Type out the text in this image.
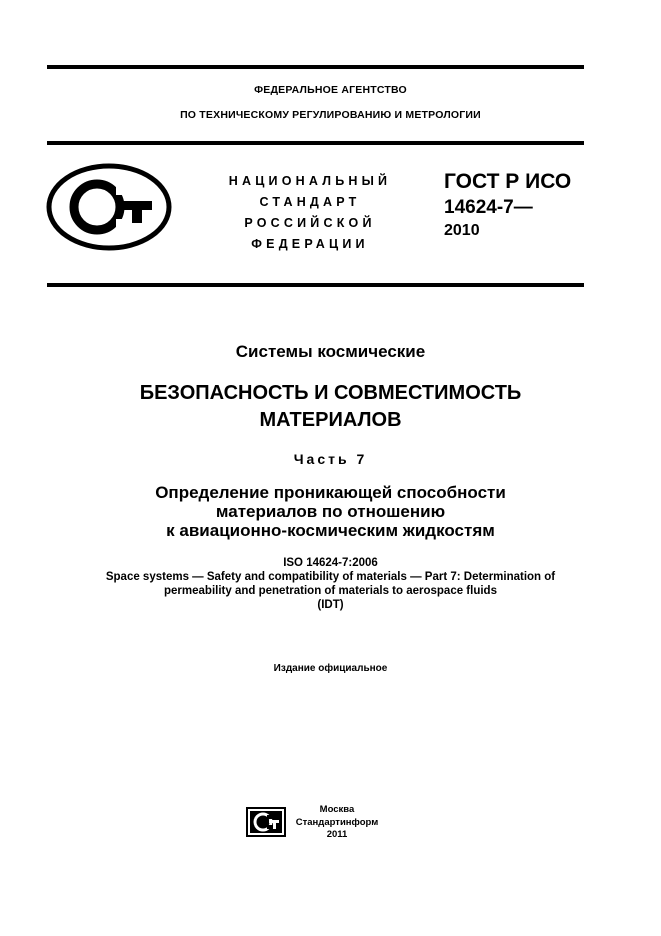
ФЕДЕРАЛЬНОЕ АГЕНТСТВО
ПО ТЕХНИЧЕСКОМУ РЕГУЛИРОВАНИЮ И МЕТРОЛОГИИ
НАЦИОНАЛЬНЫЙ
СТАНДАРТ
РОССИЙСКОЙ
ФЕДЕРАЦИИ
ГОСТ Р ИСО
14624-7—
2010
Системы космические
БЕЗОПАСНОСТЬ И СОВМЕСТИМОСТЬ
МАТЕРИАЛОВ
Часть 7
Определение проникающей способности
материалов по отношению
к авиационно-космическим жидкостям
ISO 14624-7:2006
Space systems — Safety and compatibility of materials — Part 7: Determination of
permeability and penetration of materials to aerospace fluids
(IDT)
Издание официальное
Москва
Стандартинформ
2011
